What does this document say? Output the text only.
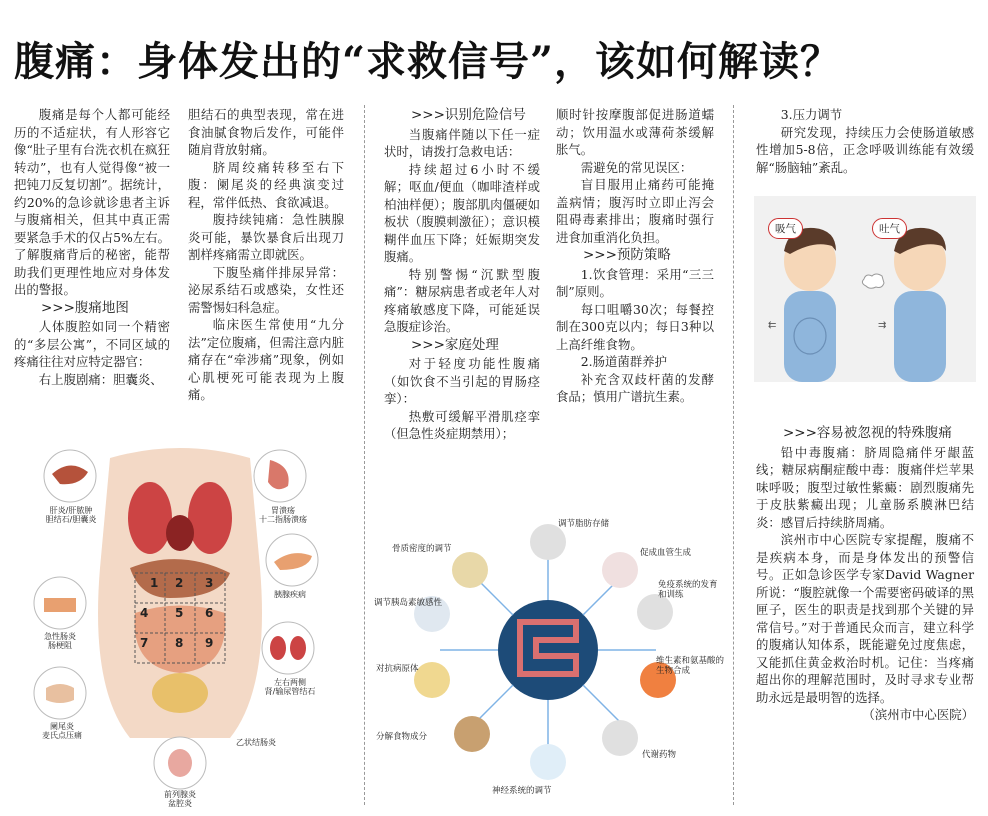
腹痛：身体发出的“求救信号”，该如何解读？

腹痛是每个人都可能经历的不适症状，有人形容它像“肚子里有台洗衣机在疯狂转动”，也有人觉得像“被一把钝刀反复切割”。据统计，约20%的急诊就诊患者主诉与腹痛相关，但其中真正需要紧急手术的仅占5%左右。了解腹痛背后的秘密，能帮助我们更理性地应对身体发出的警报。

>>>腹痛地图

人体腹腔如同一个精密的“多层公寓”，不同区域的疼痛往往对应特定器官：

右上腹剧痛：胆囊炎、

胆结石的典型表现，常在进食油腻食物后发作，可能伴随肩背放射痛。

脐周绞痛转移至右下腹：阑尾炎的经典演变过程，常伴低热、食欲减退。

腹持续钝痛：急性胰腺炎可能，暴饮暴食后出现刀割样疼痛需立即就医。

下腹坠痛伴排尿异常：泌尿系结石或感染，女性还需警惕妇科急症。

临床医生常使用“九分法”定位腹痛，但需注意内脏痛存在“牵涉痛”现象，例如心肌梗死可能表现为上腹痛。

>>>识别危险信号

当腹痛伴随以下任一症状时，请拨打急救电话：

持续超过6小时不缓解；呕血/便血（咖啡渣样或柏油样便）；腹部肌肉僵硬如板状（腹膜刺激征）；意识模糊伴血压下降；妊娠期突发腹痛。

特别警惕“沉默型腹痛”：糖尿病患者或老年人对疼痛敏感度下降，可能延误急腹症诊治。

>>>家庭处理

对于轻度功能性腹痛（如饮食不当引起的胃肠痉挛）：

热敷可缓解平滑肌痉挛（但急性炎症期禁用）；

顺时针按摩腹部促进肠道蠕动；饮用温水或薄荷茶缓解胀气。

需避免的常见误区：

盲目服用止痛药可能掩盖病情；腹泻时立即止泻会阻碍毒素排出；腹痛时强行进食加重消化负担。

>>>预防策略

1.饮食管理：采用“三三制”原则。

每口咀嚼30次；每餐控制在300克以内；每日3种以上高纤维食物。

2.肠道菌群养护

补充含双歧杆菌的发酵食品；慎用广谱抗生素。

3.压力调节

研究发现，持续压力会使肠道敏感性增加5-8倍，正念呼吸训练能有效缓解“肠脑轴”紊乱。

⇇	⇉
吸气	吐气
>>>容易被忽视的特殊腹痛

铅中毒腹痛：脐周隐痛伴牙龈蓝线；糖尿病酮症酸中毒：腹痛伴烂苹果味呼吸；腹型过敏性紫癜：剧烈腹痛先于皮肤紫癜出现；儿童肠系膜淋巴结炎：感冒后持续脐周痛。

滨州市中心医院专家提醒，腹痛不是疾病本身，而是身体发出的预警信号。正如急诊医学专家David Wagner所说：“腹腔就像一个需要密码破译的黑匣子，医生的职责是找到那个关键的异常信号。”对于普通民众而言，建立科学的腹痛认知体系，既能避免过度焦虑，又能抓住黄金救治时机。记住：当疼痛超出你的理解范围时，及时寻求专业帮助永远是最明智的选择。

（滨州市中心医院）

1 2 3
4 5 6
7 8 9
肝炎/肝脓肿
胆结石/胆囊炎
胃溃疡
十二指肠溃疡
胰腺疾病
急性肠炎
肠梗阻
左右两侧
肾/输尿管结石
阑尾炎
麦氏点压痛
乙状结肠炎
前列腺炎
盆腔炎
调节脂肪存储
促成血管生成
免疫系统的发育和训练
维生素和氨基酸的生物合成
代谢药物
神经系统的调节
分解食物成分
对抗病原体
调节胰岛素敏感性
骨质密度的调节
